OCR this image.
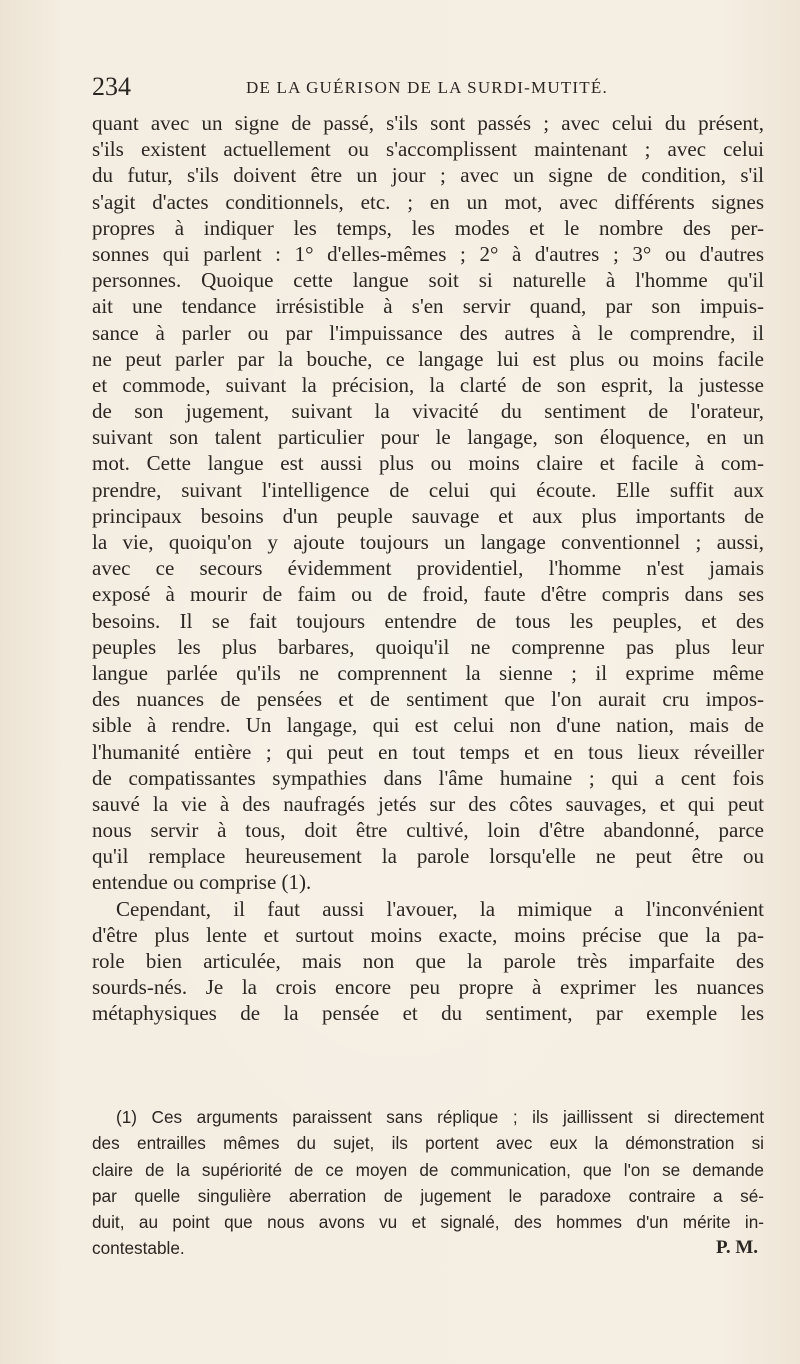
234	DE LA GUÉRISON DE LA SURDI-MUTITÉ.
quant avec un signe de passé, s'ils sont passés ; avec celui du présent,
s'ils existent actuellement ou s'accomplissent maintenant ; avec celui
du futur, s'ils doivent être un jour ; avec un signe de condition, s'il
s'agit d'actes conditionnels, etc. ; en un mot, avec différents signes
propres à indiquer les temps, les modes et le nombre des per-
sonnes qui parlent : 1° d'elles-mêmes ; 2° à d'autres ; 3° ou d'autres
personnes. Quoique cette langue soit si naturelle à l'homme qu'il
ait une tendance irrésistible à s'en servir quand, par son impuis-
sance à parler ou par l'impuissance des autres à le comprendre, il
ne peut parler par la bouche, ce langage lui est plus ou moins facile
et commode, suivant la précision, la clarté de son esprit, la justesse
de son jugement, suivant la vivacité du sentiment de l'orateur,
suivant son talent particulier pour le langage, son éloquence, en un
mot. Cette langue est aussi plus ou moins claire et facile à com-
prendre, suivant l'intelligence de celui qui écoute. Elle suffit aux
principaux besoins d'un peuple sauvage et aux plus importants de
la vie, quoiqu'on y ajoute toujours un langage conventionnel ; aussi,
avec ce secours évidemment providentiel, l'homme n'est jamais
exposé à mourir de faim ou de froid, faute d'être compris dans ses
besoins. Il se fait toujours entendre de tous les peuples, et des
peuples les plus barbares, quoiqu'il ne comprenne pas plus leur
langue parlée qu'ils ne comprennent la sienne ; il exprime même
des nuances de pensées et de sentiment que l'on aurait cru impos-
sible à rendre. Un langage, qui est celui non d'une nation, mais de
l'humanité entière ; qui peut en tout temps et en tous lieux réveiller
de compatissantes sympathies dans l'âme humaine ; qui a cent fois
sauvé la vie à des naufragés jetés sur des côtes sauvages, et qui peut
nous servir à tous, doit être cultivé, loin d'être abandonné, parce
qu'il remplace heureusement la parole lorsqu'elle ne peut être ou
entendue ou comprise (1).
Cependant, il faut aussi l'avouer, la mimique a l'inconvénient
d'être plus lente et surtout moins exacte, moins précise que la pa-
role bien articulée, mais non que la parole très imparfaite des
sourds-nés. Je la crois encore peu propre à exprimer les nuances
métaphysiques de la pensée et du sentiment, par exemple les
(1) Ces arguments paraissent sans réplique ; ils jaillissent si directement
des entrailles mêmes du sujet, ils portent avec eux la démonstration si
claire de la supériorité de ce moyen de communication, que l'on se demande
par quelle singulière aberration de jugement le paradoxe contraire a sé-
duit, au point que nous avons vu et signalé, des hommes d'un mérite in-
contestable.	P. M.
